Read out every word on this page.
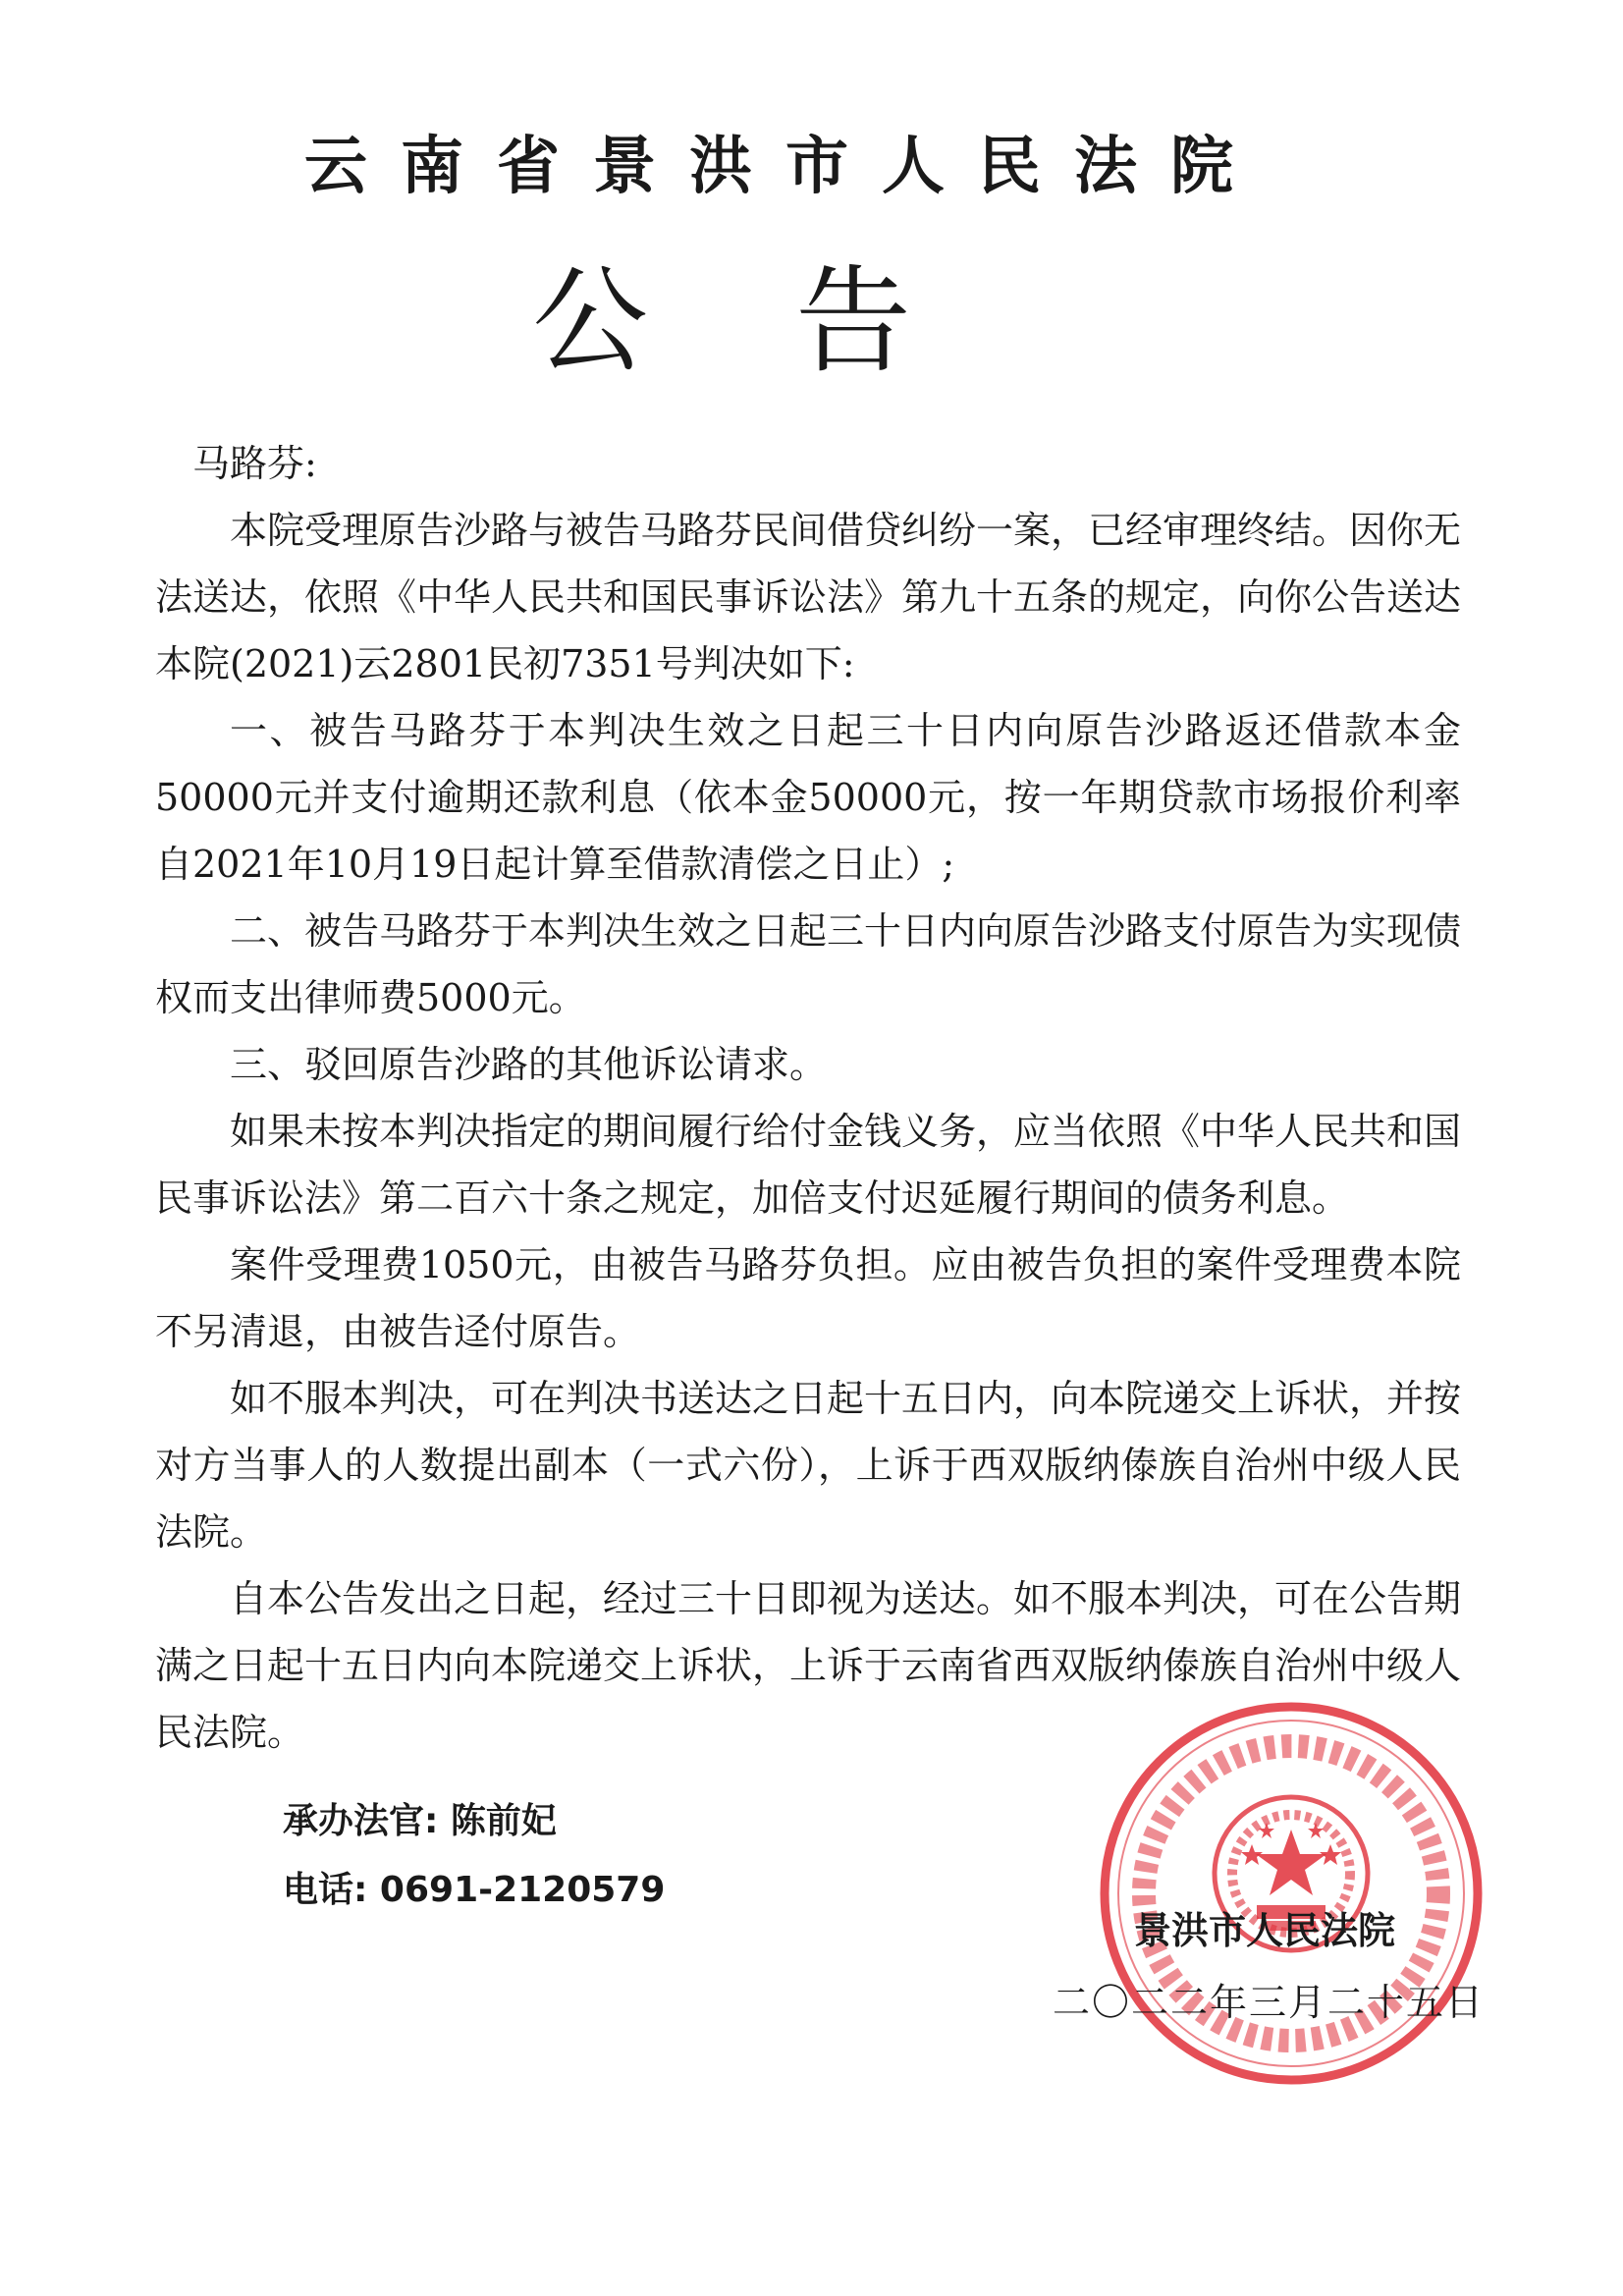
云南省景洪市人民法院
公告

马路芬:

本院受理原告沙路与被告马路芬民间借贷纠纷一案，已经审理终结。因你无法送达，依照《中华人民共和国民事诉讼法》第九十五条的规定，向你公告送达本院(2021)云2801民初7351号判决如下:

一、被告马路芬于本判决生效之日起三十日内向原告沙路返还借款本金50000元并支付逾期还款利息（依本金50000元，按一年期贷款市场报价利率自2021年10月19日起计算至借款清偿之日止）;

二、被告马路芬于本判决生效之日起三十日内向原告沙路支付原告为实现债权而支出律师费5000元。

三、驳回原告沙路的其他诉讼请求。

如果未按本判决指定的期间履行给付金钱义务，应当依照《中华人民共和国民事诉讼法》第二百六十条之规定，加倍支付迟延履行期间的债务利息。

案件受理费1050元，由被告马路芬负担。应由被告负担的案件受理费本院不另清退，由被告迳付原告。

如不服本判决，可在判决书送达之日起十五日内，向本院递交上诉状，并按对方当事人的人数提出副本（一式六份），上诉于西双版纳傣族自治州中级人民法院。

自本公告发出之日起，经过三十日即视为送达。如不服本判决，可在公告期满之日起十五日内向本院递交上诉状，上诉于云南省西双版纳傣族自治州中级人民法院。

承办法官: 陈前妃
电话: 0691-2120579
景洪市人民法院
二〇二二年三月二十五日
